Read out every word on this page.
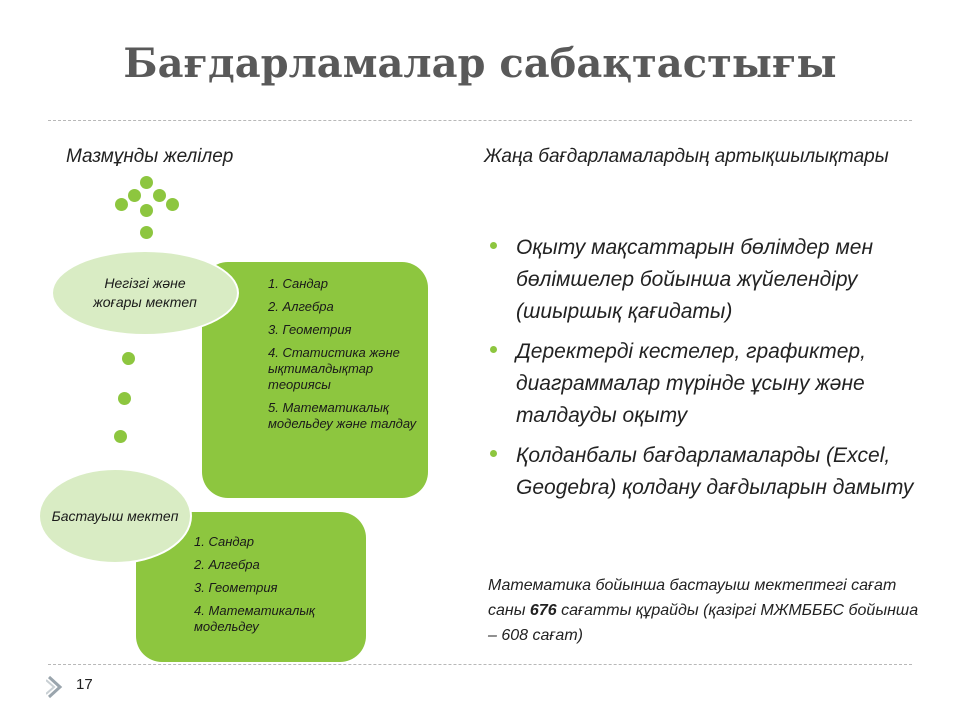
Бағдарламалар сабақтастығы
Мазмұнды желілер	Жаңа бағдарламалардың артықшылықтары
1. Сандар
2. Алгебра
3. Геометрия
4. Статистика және ықтималдықтар теориясы
5. Математикалық модельдеу және талдау
Негізгі және жоғары мектеп
1. Сандар
2. Алгебра
3. Геометрия
4. Математикалық модельдеу
Бастауыш мектеп
Оқыту мақсаттарын бөлімдер мен бөлімшелер бойынша жүйелендіру (шиыршық қағидаты)
Деректерді кестелер, графиктер, диаграммалар түрінде ұсыну және талдауды оқыту
Қолданбалы бағдарламаларды (Excel, Geogebra) қолдану дағдыларын дамыту
Математика бойынша бастауыш мектептегі сағат саны 676 сағатты құрайды (қазіргі МЖМБББС бойынша – 608 сағат)
17
